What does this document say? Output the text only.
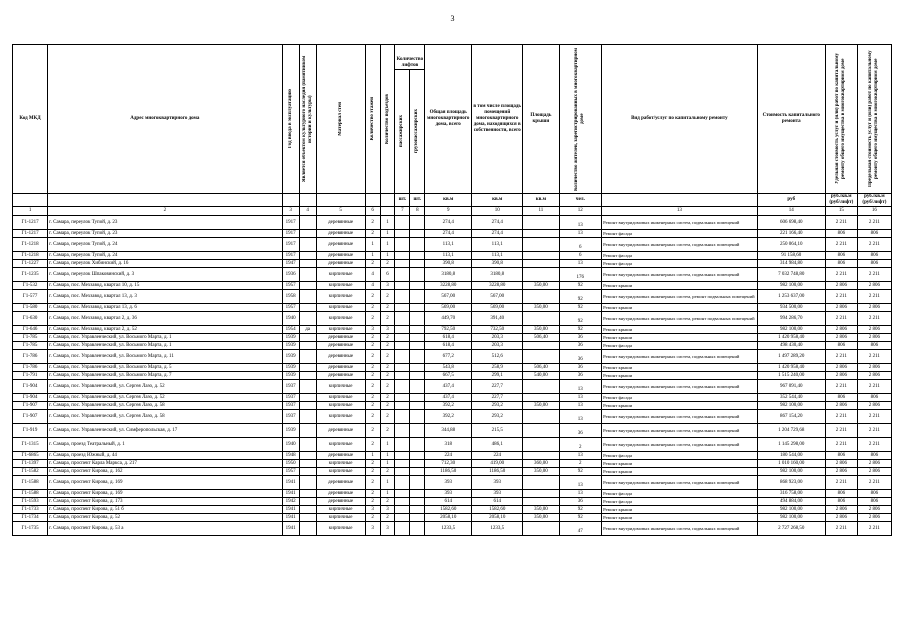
3
Код МКД	Адрес многоквартирного дома	Год ввода в эксплуатацию	Является объектом культурного наследия (памятником истории и культуры)	Материал стен	Количество этажей	Количество подъездов	Количество лифтов		Общая площадь многоквартирного дома, всего	в том числе площадь помещений многоквартирного дома, находящихся в собственности, всего	Площадь крыши	Количество жителей, зарегистрированных в многоквартирном доме	Вид работ/услуг по капитальному ремонту	Стоимость капитального ремонта	Удельная стоимость услуг и (или) работ по капитальному ремонту общего имущества в многоквартирном доме	Предельная стоимость услуг и (или) работ по капитальному ремонту общего имущества в многоквартирном доме

							пассажирских	грузопассажирских								

							шт.	шт.	кв.м	кв.м	кв.м	чел.		руб	руб./кв.м (руб/лифт)	руб./кв.м (руб/лифт)
1	2	3	4	5	6		7	8	9	10	11	12	13	14	15	16
Г1-1217	г. Самара, переулок Тупой, д. 23	1917		деревянные	2	1			274,4	274,4		13	Ремонт внутридомовых инженерных систем, подвальных помещений	606 698,40	2 211	2 211
Г1-1217	г. Самара, переулок Тупой, д. 23	1917		деревянные	2	1			274,4	274,4		13	Ремонт фасада	221 166,40	806	806
Г1-1218	г. Самара, переулок Тупой, д. 24	1917		деревянные	1	1			113,1	113,1		6	Ремонт внутридомовых инженерных систем, подвальных помещений	250 064,10	2 211	2 211
Г1-1218	г. Самара, переулок Тупой, д. 24	1917		деревянные	1	1			113,1	113,1		6	Ремонт фасада	91 158,60	806	806
Г1-1227	г. Самара, переулок Хибинский, д. 16	1947		деревянные	2	2			390,8	390,8		13	Ремонт фасада	314 984,80	806	806
Г1-1235	г. Самара, переулок Шпаковинский, д. 3	1936		кирпичные	4	6			3180,8	3180,8		176	Ремонт внутридомовых инженерных систем, подвальных помещений	7 032 748,80	2 211	2 211
Г1-532	г. Самара, пос. Мехзавод, квартал 10, д. 15	1957		кирпичные	4	3			3228,80	3228,80	350,00	92	Ремонт крыши	982 100,00	2 806	2 806
Г1-577	г. Самара, пос. Мехзавод, квартал 13, д. 3	1958		кирпичные	2	2			567,00	567,00		92	Ремонт внутридомовых инженерных систем, ремонт подвальных помещений	1 253 637,00	2 211	2 211
Г1-580	г. Самара, пос. Мехзавод, квартал 13, д. 6	1957		кирпичные	2	2			569,00	569,00	350,00	92	Ремонт крыши	934 500,00	2 806	2 806
Г1-630	г. Самара, пос. Мехзавод, квартал 2, д. 36	1940		кирпичные	2	2			449,70	391,40		92	Ремонт внутридомовых инженерных систем, ремонт подвальных помещений	994 286,70	2 211	2 211
Г1-646	г. Самара, пос. Мехзавод, квартал 2, д. 52	1954	да	кирпичные	3	3			792,50	732,50	350,00	92	Ремонт крыши	982 100,00	2 806	2 806
Г1-785	г. Самара, пос. Управленческий, ул. Восьмого Марта, д. 1	1939		деревянные	2	2			618,4	203,3	506,40	36	Ремонт крыши	1 420 958,40	2 806	2 806
Г1-785	г. Самара, пос. Управленческий, ул. Восьмого Марта, д. 1	1939		деревянные	2	2			618,4	203,3		36	Ремонт фасада	498 430,40	806	806
Г1-786	г. Самара, пос. Управленческий, ул. Восьмого Марта, д. 11	1939		деревянные	2	2			677,2	512,6		36	Ремонт внутридомовых инженерных систем, подвальных помещений	1 497 289,20	2 211	2 211
Г1-786	г. Самара, пос. Управленческий, ул. Восьмого Марта, д. 5	1939		деревянные	2	2			543,8	258,9	506,40	36	Ремонт крыши	1 420 958,40	2 806	2 806
Г1-791	г. Самара, пос. Управленческий, ул. Восьмого Марта, д. 7	1939		деревянные	2	2			667,5	299,1	540,00	36	Ремонт крыши	1 515 240,00	2 806	2 806
Г1-904	г. Самара, пос. Управленческий, ул. Сергея Лазо, д. 52	1937		кирпичные	2	2			437,4	227,7		13	Ремонт внутридомовых инженерных систем, подвальных помещений	967 091,40	2 211	2 211
Г1-904	г. Самара, пос. Управленческий, ул. Сергея Лазо, д. 52	1937		кирпичные	2	2			437,4	227,7		13	Ремонт фасада	352 544,40	806	806
Г1-907	г. Самара, пос. Управленческий, ул. Сергея Лазо, д. 58	1937		кирпичные	2	2			392,2	293,2	350,00	13	Ремонт крыши	982 100,00	2 806	2 806
Г1-907	г. Самара, пос. Управленческий, ул. Сергея Лазо, д. 58	1937		кирпичные	2	2			392,2	293,2		13	Ремонт внутридомовых инженерных систем, подвальных помещений	867 154,20	2 211	2 211
Г1-919	г. Самара, пос. Управленческий, ул. Симферопольская, д. 17	1939		деревянные	2	2			344,88	215,5		36	Ремонт внутридомовых инженерных систем, подвальных помещений	1 204 729,68	2 211	2 211
Г1-1315	г. Самара, проезд Театральный, д. 1	1940		кирпичные	2	1			318	486,1		2	Ремонт внутридомовых инженерных систем, подвальных помещений	1 145 298,00	2 211	2 211
Г1-6865	г. Самара, проезд Южный, д. 44	1948		деревянные	1	1			224	224		13	Ремонт фасада	180 544,00	806	806
Г1-1397	г. Самара, проспект Карла Маркса, д. 217	1950		кирпичные	2	1			712,30	419,00	360,00	2	Ремонт крыши	1 010 160,00	2 806	2 806
Г1-1582	г. Самара, проспект Кирова, д. 162	1957		кирпичные	2	2			1186,50	1186,50	350,00	92	Ремонт крыши	982 100,00	2 806	2 806
Г1-1588	г. Самара, проспект Кирова, д. 169	1941		деревянные	2	1			393	393		13	Ремонт внутридомовых инженерных систем, подвальных помещений	868 923,00	2 211	2 211
Г1-1588	г. Самара, проспект Кирова, д. 169	1941		деревянные	2	1			393	393		13	Ремонт фасада	316 758,00	806	806
Г1-1593	г. Самара, проспект Кирова, д. 173	1942		деревянные	2	2			614	614		36	Ремонт фасада	494 884,00	806	806
Г1-1733	г. Самара, проспект Кирова, д. 51 б	1941		кирпичные	3	3			1582,60	1582,60	350,00	92	Ремонт крыши	982 100,00	2 806	2 806
Г1-1734	г. Самара, проспект Кирова, д. 52	1941		кирпичные	2	2			2058,10	2058,10	350,00	92	Ремонт крыши	982 100,00	2 806	2 806
Г1-1735	г. Самара, проспект Кирова, д. 53 а	1941		кирпичные	3	3			1233,5	1233,5		47	Ремонт внутридомовых инженерных систем, подвальных помещений	2 727 268,50	2 211	2 211
